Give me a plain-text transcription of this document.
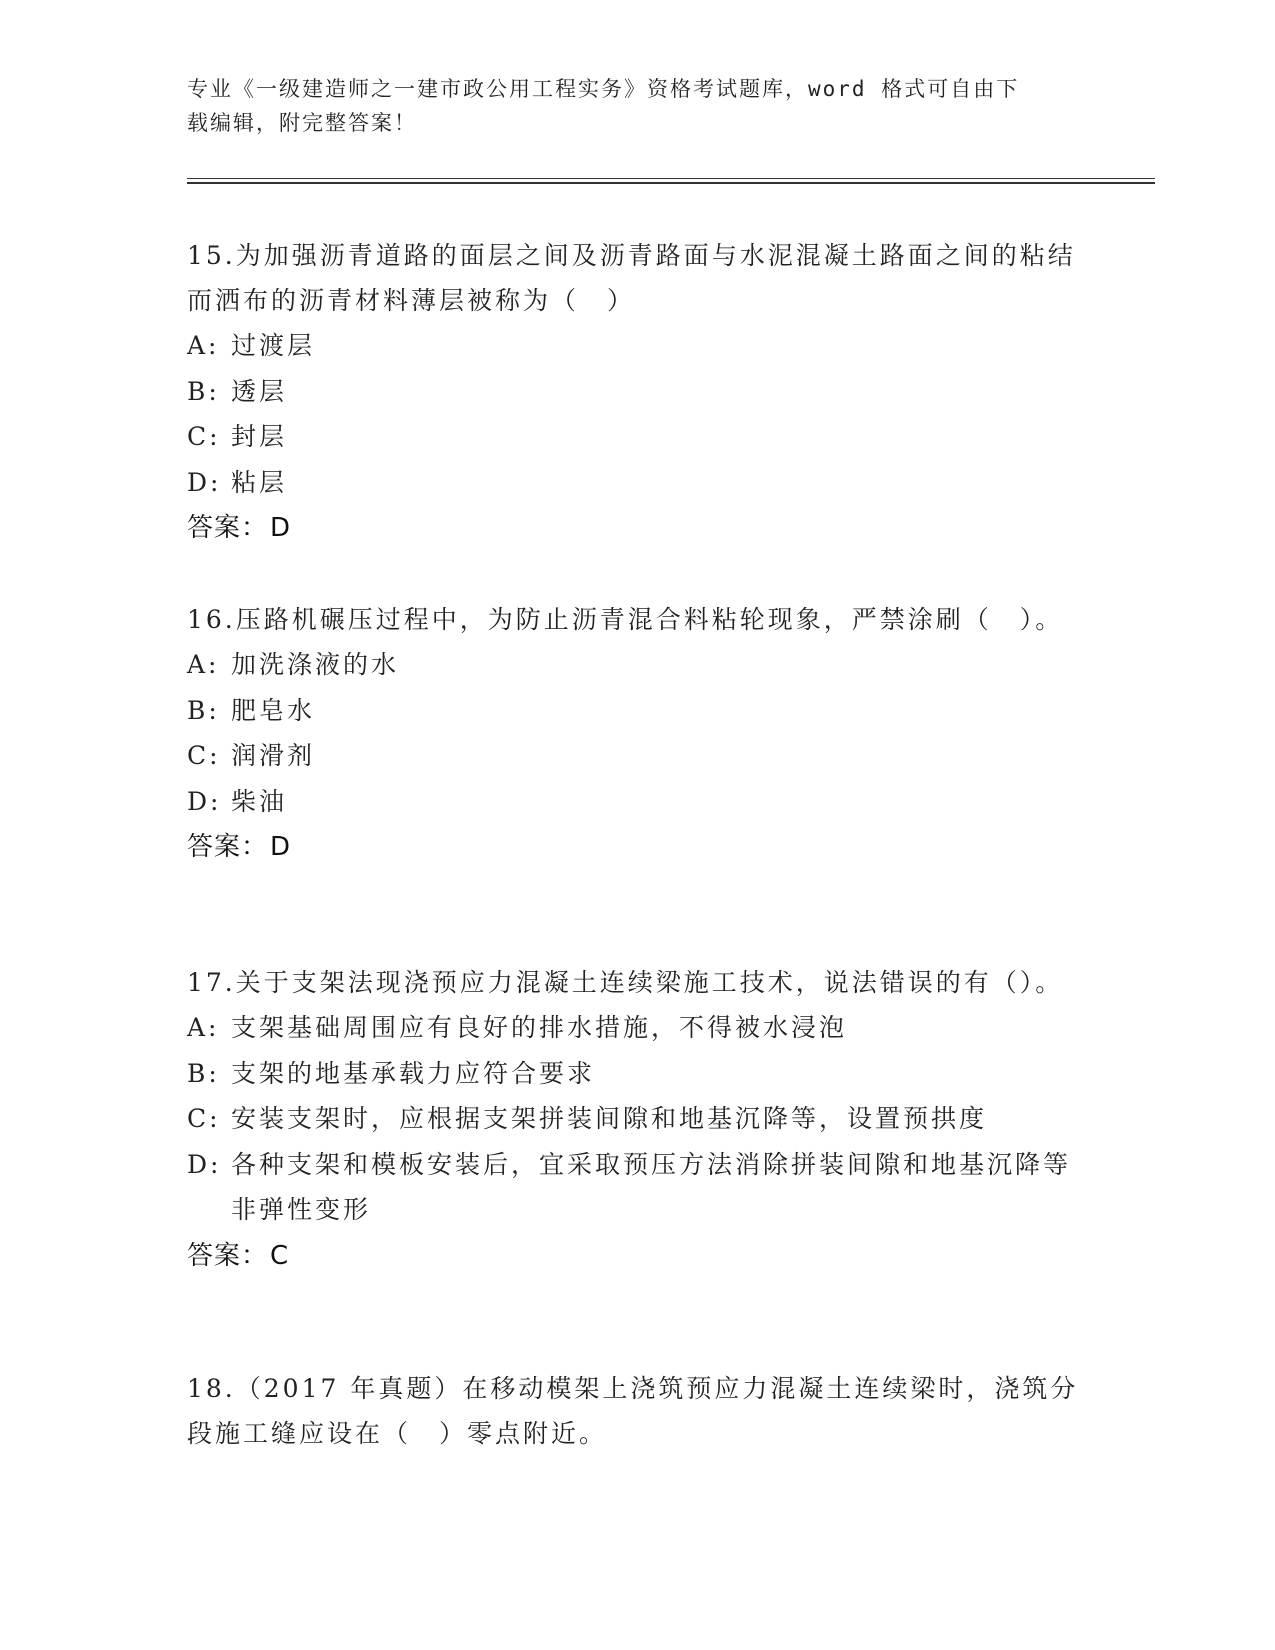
专业《一级建造师之一建市政公用工程实务》资格考试题库，word 格式可自由下
载编辑，附完整答案！

15.为加强沥青道路的面层之间及沥青路面与水泥混凝土路面之间的粘结而洒布的沥青材料薄层被称为（　）

A: 过渡层
B: 透层
C: 封层
D: 粘层

答案：D

16.压路机碾压过程中，为防止沥青混合料粘轮现象，严禁涂刷（　）。

A: 加洗涤液的水
B: 肥皂水
C: 润滑剂
D: 柴油

答案：D

17.关于支架法现浇预应力混凝土连续梁施工技术，说法错误的有（）。

A: 支架基础周围应有良好的排水措施，不得被水浸泡
B: 支架的地基承载力应符合要求
C: 安装支架时，应根据支架拼装间隙和地基沉降等，设置预拱度
D: 各种支架和模板安装后，宜采取预压方法消除拼装间隙和地基沉降等非弹性变形

答案：C

18.（2017 年真题）在移动模架上浇筑预应力混凝土连续梁时，浇筑分段施工缝应设在（　）零点附近。
